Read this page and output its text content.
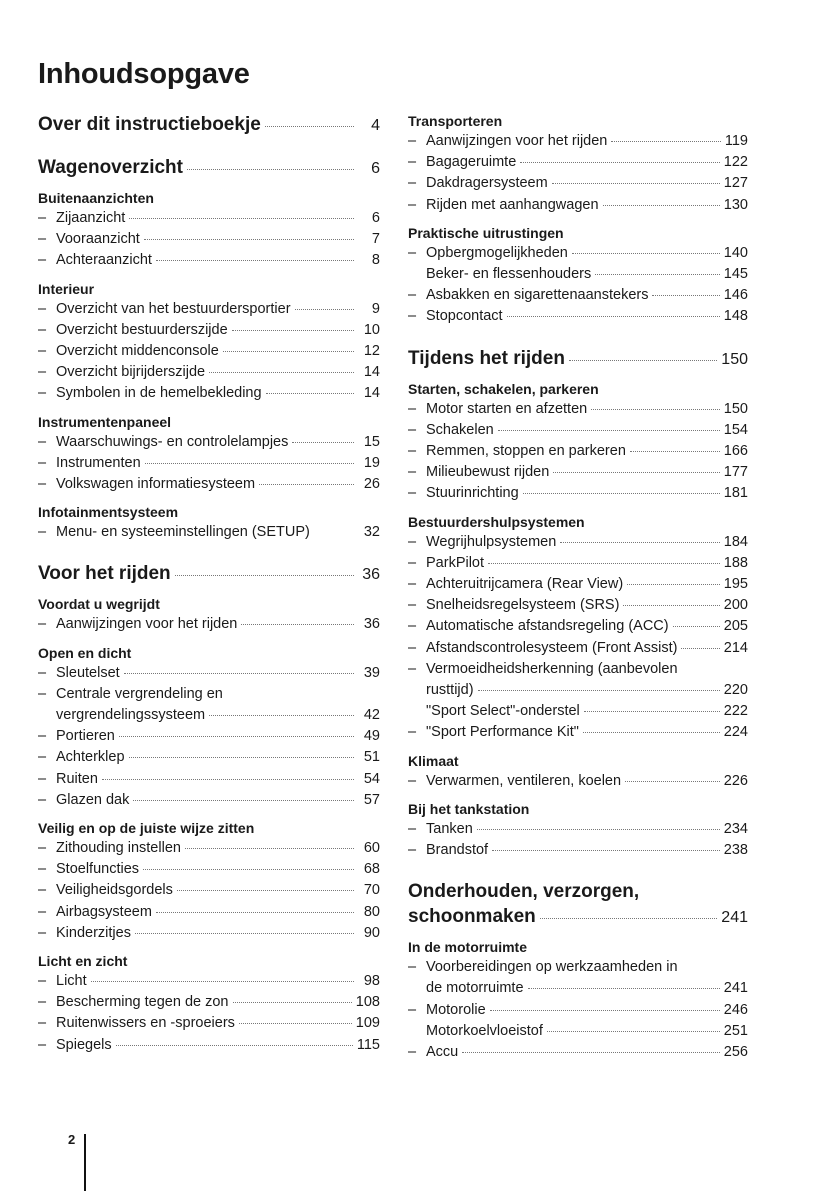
Inhoudsopgave
Over dit instructieboekje	4
Wagenoverzicht	6
Buitenaanzichten
– Zijaanzicht	6
– Vooraanzicht	7
– Achteraanzicht	8
Interieur
– Overzicht van het bestuurdersportier	9
– Overzicht bestuurderszijde	10
– Overzicht middenconsole	12
– Overzicht bijrijderszijde	14
– Symbolen in de hemelbekleding	14
Instrumentenpaneel
– Waarschuwings- en controlelampjes	15
– Instrumenten	19
– Volkswagen informatiesysteem	26
Infotainmentsysteem
– Menu- en systeeminstellingen (SETUP)	32
Voor het rijden	36
Voordat u wegrijdt
– Aanwijzingen voor het rijden	36
Open en dicht
– Sleutelset	39
– Centrale vergrendeling en
vergrendelingssysteem	42
– Portieren	49
– Achterklep	51
– Ruiten	54
– Glazen dak	57
Veilig en op de juiste wijze zitten
– Zithouding instellen	60
– Stoelfuncties	68
– Veiligheidsgordels	70
– Airbagsysteem	80
– Kinderzitjes	90
Licht en zicht
– Licht	98
– Bescherming tegen de zon	108
– Ruitenwissers en -sproeiers	109
– Spiegels	115
Transporteren
– Aanwijzingen voor het rijden	119
– Bagageruimte	122
– Dakdragersysteem	127
– Rijden met aanhangwagen	130
Praktische uitrustingen
– Opbergmogelijkheden	140
Beker- en flessenhouders	145
– Asbakken en sigarettenaanstekers	146
– Stopcontact	148
Tijdens het rijden	150
Starten, schakelen, parkeren
– Motor starten en afzetten	150
– Schakelen	154
– Remmen, stoppen en parkeren	166
– Milieubewust rijden	177
– Stuurinrichting	181
Bestuurdershulpsystemen
– Wegrijhulpsystemen	184
– ParkPilot	188
– Achteruitrijcamera (Rear View)	195
– Snelheidsregelsysteem (SRS)	200
– Automatische afstandsregeling (ACC)	205
– Afstandscontrolesysteem (Front Assist)	214
– Vermoeidheidsherkenning (aanbevolen
rusttijd)	220
"Sport Select"-onderstel	222
– "Sport Performance Kit"	224
Klimaat
– Verwarmen, ventileren, koelen	226
Bij het tankstation
– Tanken	234
– Brandstof	238
Onderhouden, verzorgen,
schoonmaken	241
In de motorruimte
– Voorbereidingen op werkzaamheden in
de motorruimte	241
– Motorolie	246
Motorkoelvloeistof	251
– Accu	256
2
